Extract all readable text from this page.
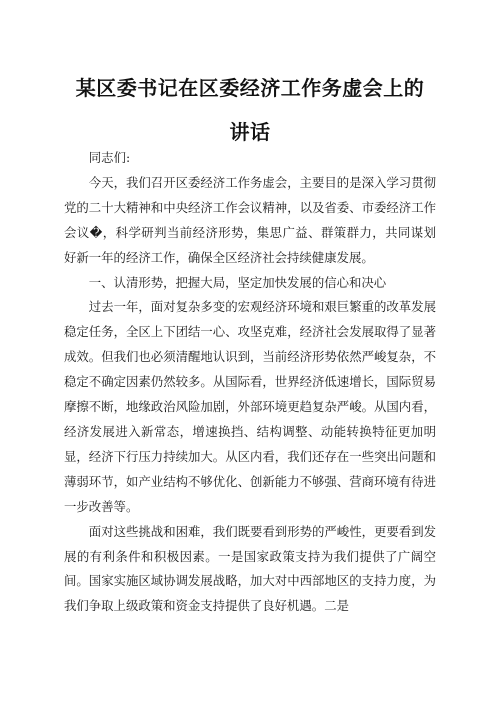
某区委书记在区委经济工作务虚会上的
讲话

同志们:

今天，我们召开区委经济工作务虚会，主要目的是深入学习贯彻党的二十大精神和中央经济工作会议精神，以及省委、市委经济工作会议�，科学研判当前经济形势，集思广益、群策群力，共同谋划好新一年的经济工作，确保全区经济社会持续健康发展。

一、认清形势，把握大局，坚定加快发展的信心和决心

过去一年，面对复杂多变的宏观经济环境和艰巨繁重的改革发展稳定任务，全区上下团结一心、攻坚克难，经济社会发展取得了显著成效。但我们也必须清醒地认识到，当前经济形势依然严峻复杂，不稳定不确定因素仍然较多。从国际看，世界经济低速增长，国际贸易摩擦不断，地缘政治风险加剧，外部环境更趋复杂严峻。从国内看，经济发展进入新常态，增速换挡、结构调整、动能转换特征更加明显，经济下行压力持续加大。从区内看，我们还存在一些突出问题和薄弱环节，如产业结构不够优化、创新能力不够强、营商环境有待进一步改善等。

面对这些挑战和困难，我们既要看到形势的严峻性，更要看到发展的有利条件和积极因素。一是国家政策支持为我们提供了广阔空间。国家实施区域协调发展战略，加大对中西部地区的支持力度，为我们争取上级政策和资金支持提供了良好机遇。二是
